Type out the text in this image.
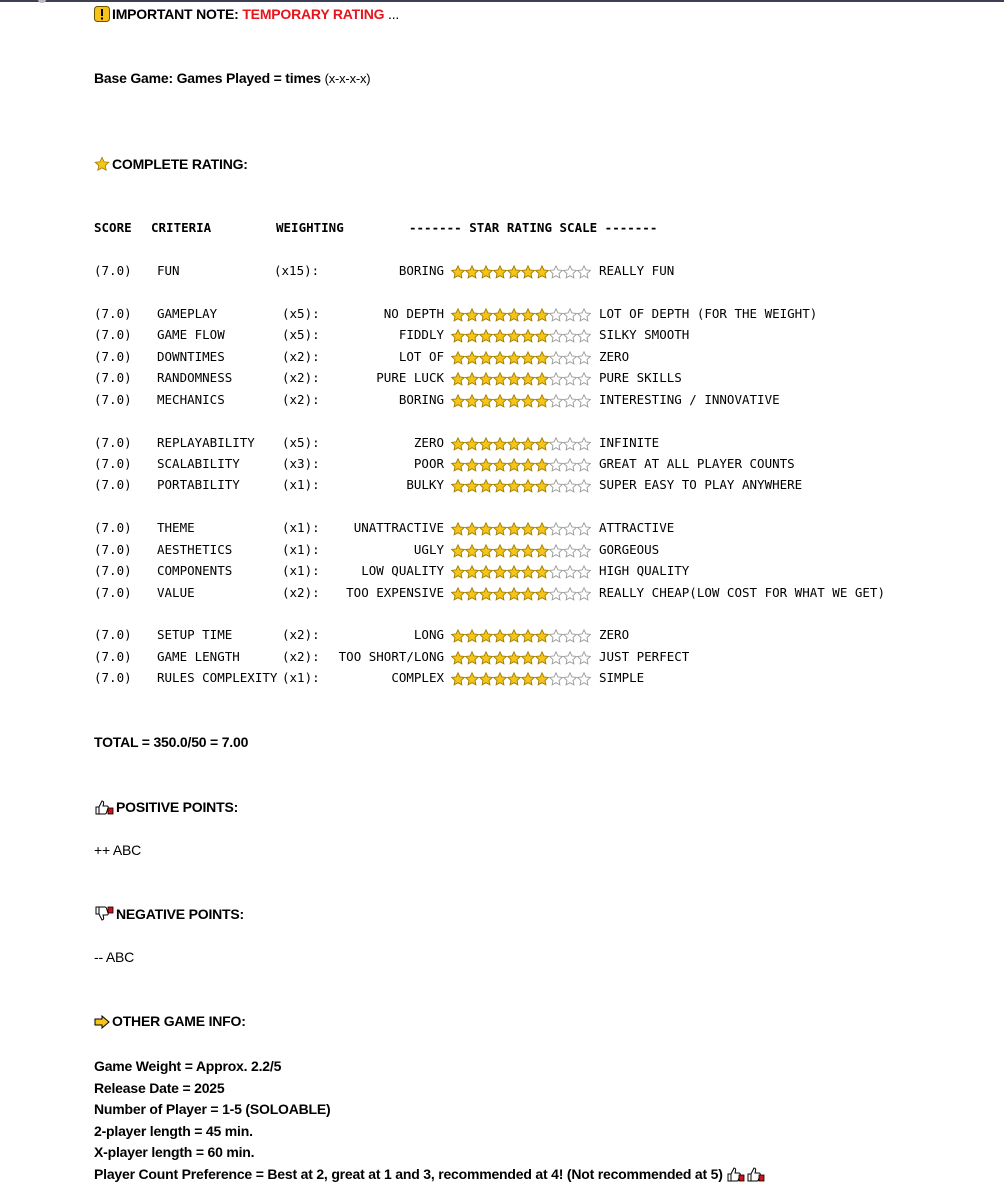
IMPORTANT NOTE: TEMPORARY RATING ...
Base Game: Games Played = times (x-x-x-x)
COMPLETE RATING:
SCORE CRITERIA	WEIGHTING	------- STAR RATING SCALE -------
(7.0) FUN	(x15):	BORING	REALLY FUN
(7.0) GAMEPLAY	(x5):	NO DEPTH	LOT OF DEPTH (FOR THE WEIGHT)
(7.0) GAME FLOW	(x5):	FIDDLY	SILKY SMOOTH
(7.0) DOWNTIMES	(x2):	LOT OF	ZERO
(7.0) RANDOMNESS	(x2):	PURE LUCK	PURE SKILLS
(7.0) MECHANICS	(x2):	BORING	INTERESTING / INNOVATIVE
(7.0) REPLAYABILITY (x5):	ZERO	INFINITE
(7.0) SCALABILITY	(x3):	POOR	GREAT AT ALL PLAYER COUNTS
(7.0) PORTABILITY	(x1):	BULKY	SUPER EASY TO PLAY ANYWHERE
(7.0) THEME	(x1):	UNATTRACTIVE	ATTRACTIVE
(7.0) AESTHETICS	(x1):	UGLY	GORGEOUS
(7.0) COMPONENTS	(x1):	LOW QUALITY	HIGH QUALITY
(7.0) VALUE	(x2):	TOO EXPENSIVE	REALLY CHEAP(LOW COST FOR WHAT WE GET)
(7.0) SETUP TIME	(x2):	LONG	ZERO
(7.0) GAME LENGTH	(x2):	TOO SHORT/LONG	JUST PERFECT
(7.0) RULES COMPLEXITY (x1):	COMPLEX	SIMPLE
TOTAL = 350.0/50 = 7.00
POSITIVE POINTS:
++ ABC
NEGATIVE POINTS:
-- ABC
OTHER GAME INFO:
Game Weight = Approx. 2.2/5
Release Date = 2025
Number of Player = 1-5 (SOLOABLE)
2-player length = 45 min.
X-player length = 60 min.
Player Count Preference = Best at 2, great at 1 and 3, recommended at 4! (Not recommended at 5)
